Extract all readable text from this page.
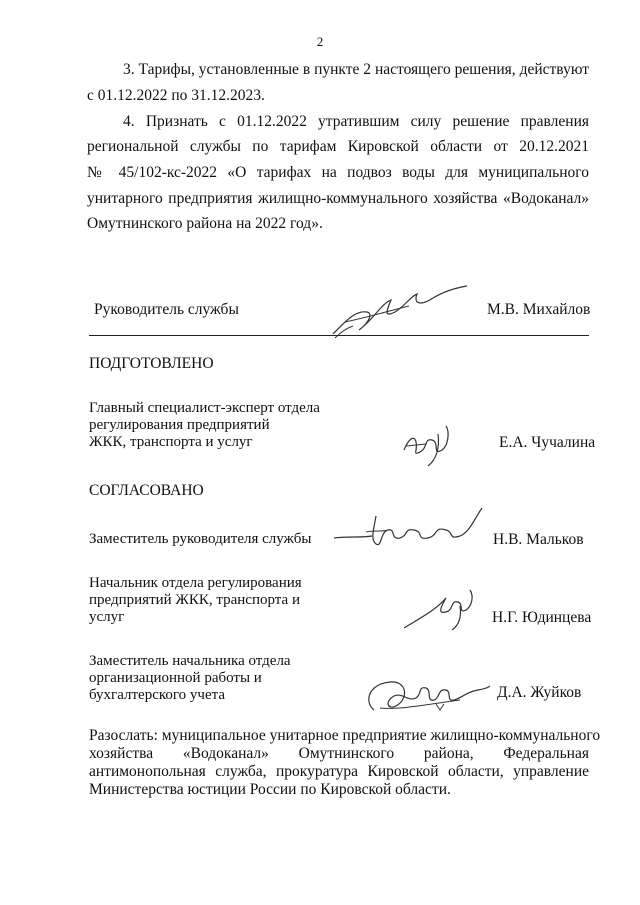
2
3. Тарифы, установленные в пункте 2 настоящего решения, действуют
с 01.12.2022 по 31.12.2023.
4. Признать с 01.12.2022 утратившим силу решение правления
региональной службы по тарифам Кировской области от 20.12.2021
№ 45/102-кс-2022 «О тарифах на подвоз воды для муниципального
унитарного предприятия жилищно-коммунального хозяйства «Водоканал»
Омутнинского района на 2022 год».
Руководитель службы	М.В. Михайлов
ПОДГОТОВЛЕНО
Главный специалист-эксперт отдела
регулирования предприятий
ЖКК, транспорта и услуг	Е.А. Чучалина
СОГЛАСОВАНО
Заместитель руководителя службы	Н.В. Мальков
Начальник отдела регулирования
предприятий ЖКК, транспорта и
услуг	Н.Г. Юдинцева
Заместитель начальника отдела
организационной работы и
бухгалтерского учета	Д.А. Жуйков
Разослать: муниципальное унитарное предприятие жилищно-коммунального
хозяйства «Водоканал» Омутнинского района, Федеральная
антимонопольная служба, прокуратура Кировской области, управление
Министерства юстиции России по Кировской области.
